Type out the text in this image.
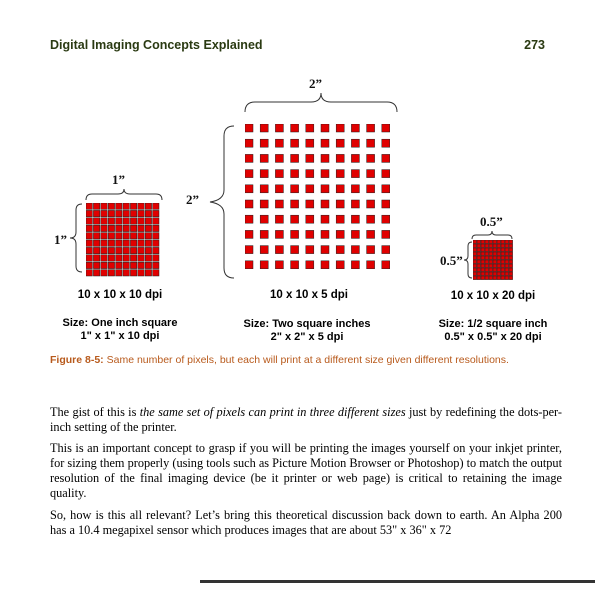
Digital Imaging Concepts Explained	273
1”
1”
10 x 10 x 10 dpi
Size: One inch square
1" x 1" x 10 dpi
2”
2”
10 x 10 x 5 dpi
Size: Two square inches
2" x 2" x 5 dpi
0.5”
0.5”
10 x 10 x 20 dpi
Size: 1/2 square inch
0.5" x 0.5" x 20 dpi
Figure 8-5: Same number of pixels, but each will print at a different size given different resolutions.

The gist of this is the same set of pixels can print in three different sizes just by redefining the dots-per-inch setting of the printer.

This is an important concept to grasp if you will be printing the images yourself on your inkjet printer, for sizing them properly (using tools such as Picture Motion Browser or Photoshop) to match the output resolution of the final imaging device (be it printer or web page) is critical to retaining the image quality.

So, how is this all relevant? Let’s bring this theoretical discussion back down to earth. An Alpha 200 has a 10.4 megapixel sensor which produces images that are about 53" x 36" x 72
